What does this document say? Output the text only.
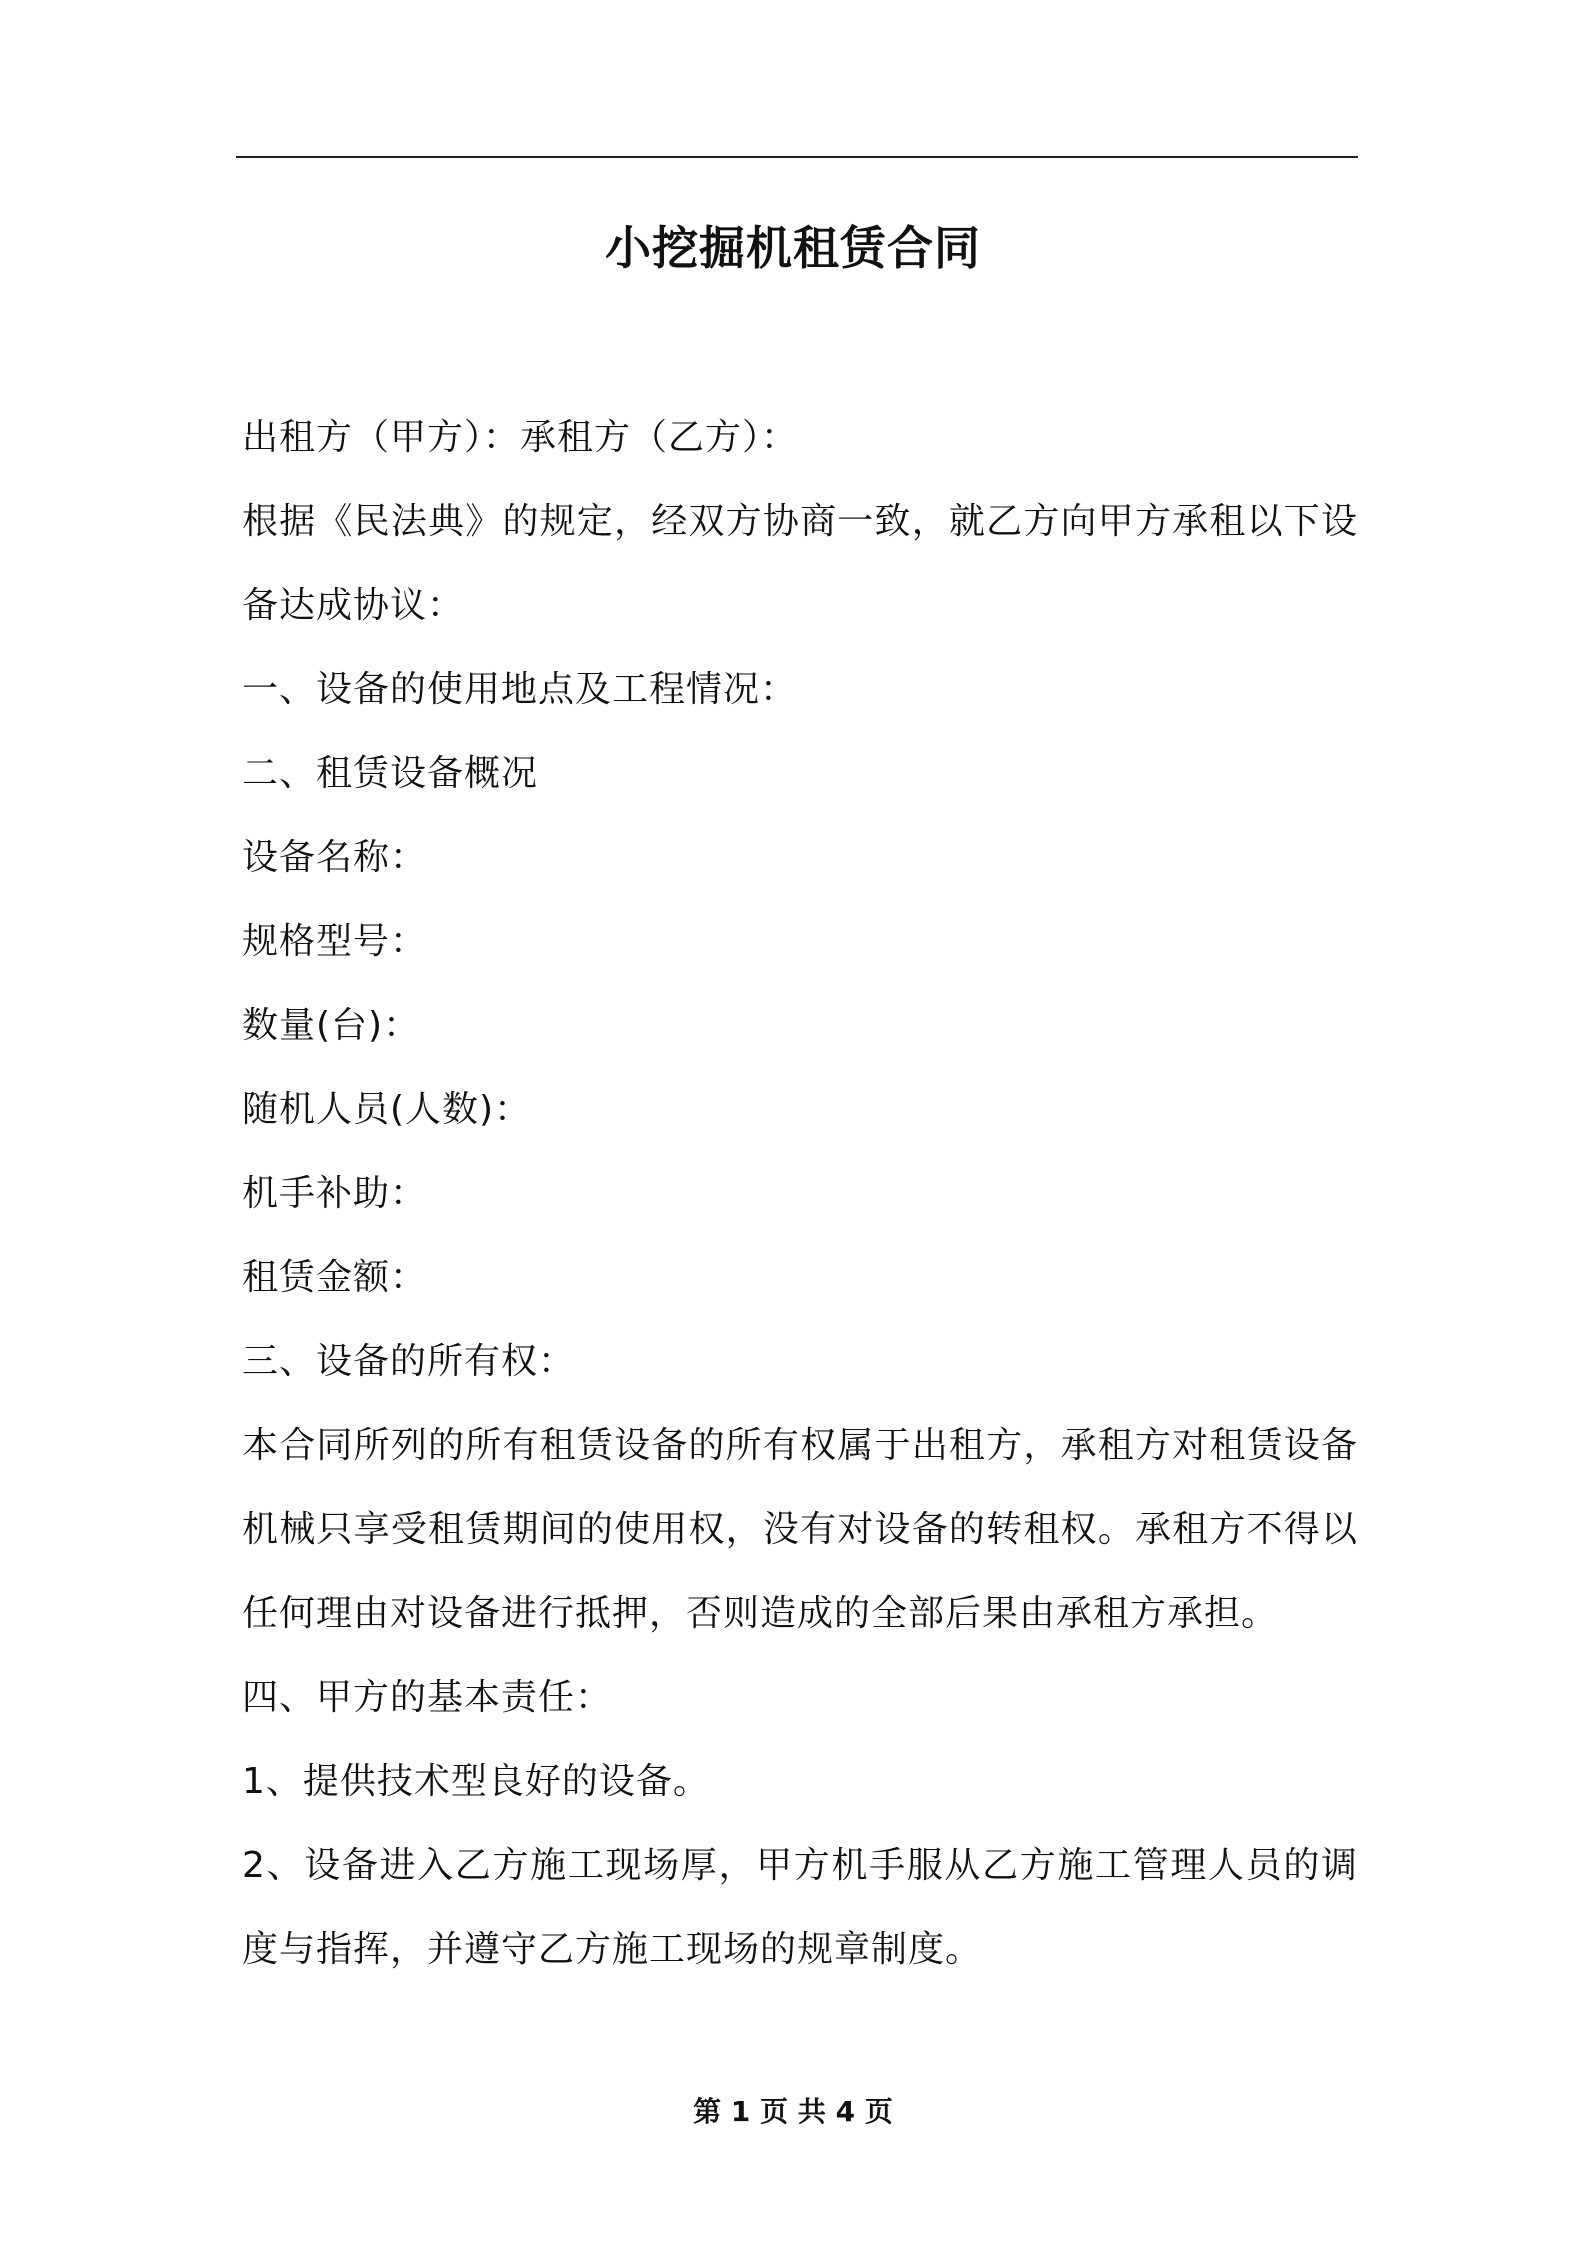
小挖掘机租赁合同

出租方（甲方）：承租方（乙方）：

根据《民法典》的规定，经双方协商一致，就乙方向甲方承租以下设备达成协议：

一、设备的使用地点及工程情况：

二、租赁设备概况

设备名称：

规格型号：

数量(台)：

随机人员(人数)：

机手补助：

租赁金额：

三、设备的所有权：

本合同所列的所有租赁设备的所有权属于出租方，承租方对租赁设备机械只享受租赁期间的使用权，没有对设备的转租权。承租方不得以任何理由对设备进行抵押，否则造成的全部后果由承租方承担。

四、甲方的基本责任：

1、提供技术型良好的设备。

2、设备进入乙方施工现场厚，甲方机手服从乙方施工管理人员的调度与指挥，并遵守乙方施工现场的规章制度。

第 1 页 共 4 页
